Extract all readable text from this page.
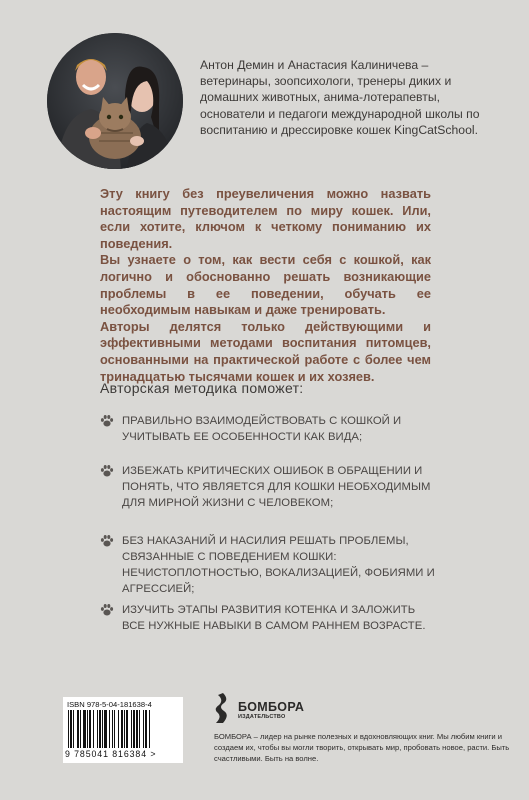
Антон Демин и Анастасия Калиничева – ветеринары, зоопсихологи, тренеры диких и домашних животных, анима-лотерапевты, основатели и педагоги международной школы по воспитанию и дрессировке кошек KingCatSchool.

Эту книгу без преувеличения можно назвать настоящим путеводителем по миру кошек. Или, если хотите, ключом к четкому пониманию их поведения.

Вы узнаете о том, как вести себя с кошкой, как логично и обоснованно решать возникающие проблемы в ее поведении, обучать ее необходимым навыкам и даже тренировать.

Авторы делятся только действующими и эффективными методами воспитания питомцев, основанными на практической работе с более чем тринадцатью тысячами кошек и их хозяев.

Авторская методика поможет:
ПРАВИЛЬНО ВЗАИМОДЕЙСТВОВАТЬ С КОШКОЙ И УЧИТЫВАТЬ ЕЕ ОСОБЕННОСТИ КАК ВИДА;
ИЗБЕЖАТЬ КРИТИЧЕСКИХ ОШИБОК В ОБРАЩЕНИИ И ПОНЯТЬ, ЧТО ЯВЛЯЕТСЯ ДЛЯ КОШКИ НЕОБХОДИМЫМ ДЛЯ МИРНОЙ ЖИЗНИ С ЧЕЛОВЕКОМ;
БЕЗ НАКАЗАНИЙ И НАСИЛИЯ РЕШАТЬ ПРОБЛЕМЫ, СВЯЗАННЫЕ С ПОВЕДЕНИЕМ КОШКИ: НЕЧИСТОПЛОТНОСТЬЮ, ВОКАЛИЗАЦИЕЙ, ФОБИЯМИ И АГРЕССИЕЙ;
ИЗУЧИТЬ ЭТАПЫ РАЗВИТИЯ КОТЕНКА И ЗАЛОЖИТЬ ВСЕ НУЖНЫЕ НАВЫКИ В САМОМ РАННЕМ ВОЗРАСТЕ.
ISBN 978-5-04-181638-4
9 785041 816384 >
БОМБОРА
ИЗДАТЕЛЬСТВО
БОМБОРА – лидер на рынке полезных и вдохновляющих книг. Мы любим книги и создаем их, чтобы вы могли творить, открывать мир, пробовать новое, расти. Быть счастливыми. Быть на волне.
